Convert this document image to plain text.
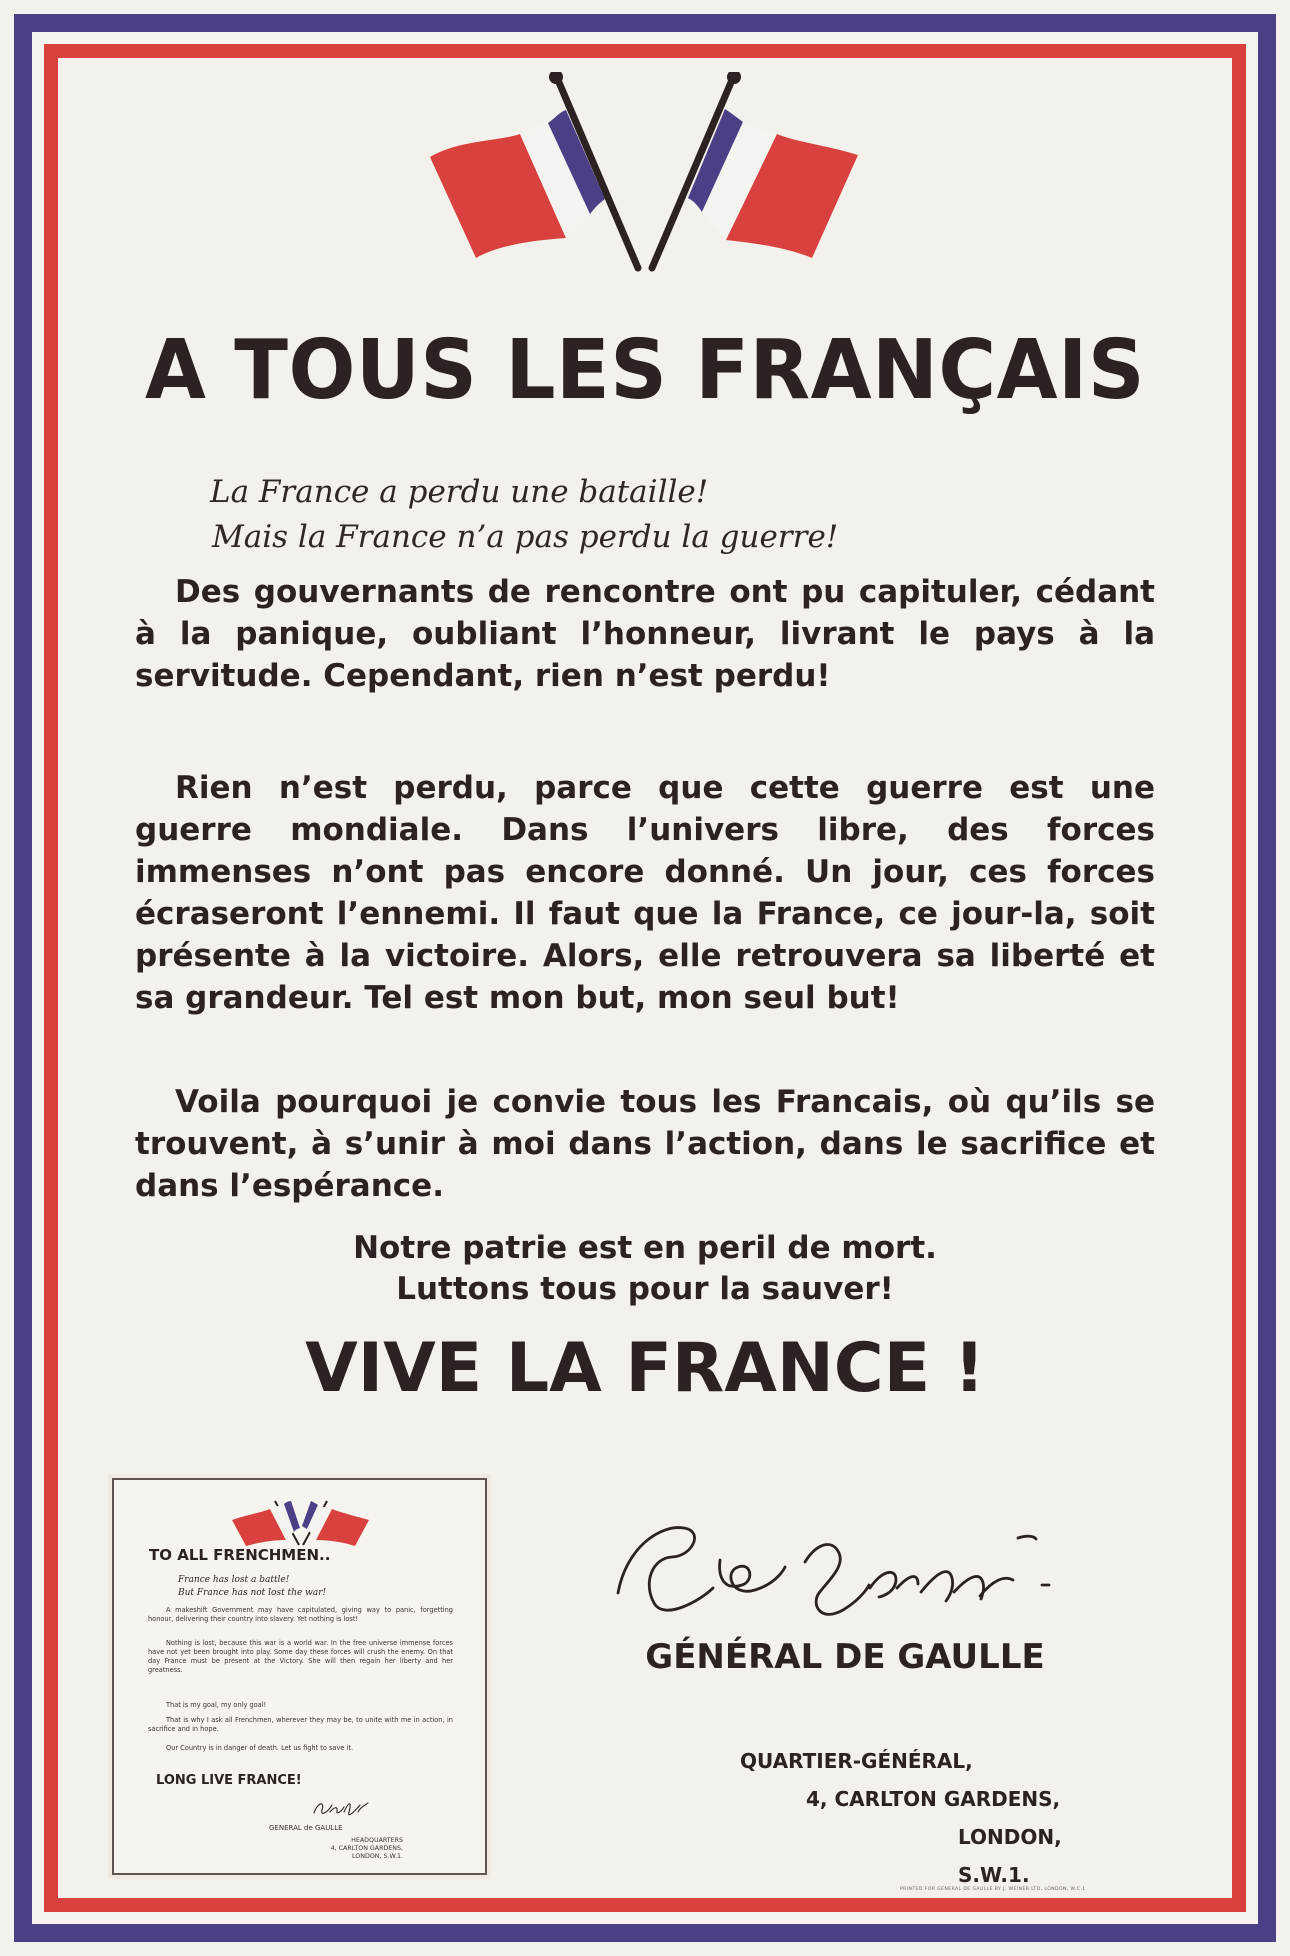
A TOUS LES FRANÇAIS
La France a perdu une bataille!
Mais la France n’a pas perdu la guerre!

Des gouvernants de rencontre ont pu capituler, cédant à la panique, oubliant l’honneur, livrant le pays à la servitude. Cependant, rien n’est perdu!

Rien n’est perdu, parce que cette guerre est une guerre mondiale. Dans l’univers libre, des forces immenses n’ont pas encore donné. Un jour, ces forces écraseront l’ennemi. Il faut que la France, ce jour-la, soit présente à la victoire. Alors, elle retrouvera sa liberté et sa grandeur. Tel est mon but, mon seul but!

Voila pourquoi je convie tous les Francais, où qu’ils se trouvent, à s’unir à moi dans l’action, dans le sacrifice et dans l’espérance.

Notre patrie est en peril de mort.
Luttons tous pour la sauver!
VIVE LA FRANCE !
TO ALL FRENCHMEN..
France has lost a battle!
But France has not lost the war!

A makeshift Government may have capitulated, giving way to panic, forgetting honour, delivering their country into slavery. Yet nothing is lost!

Nothing is lost, because this war is a world war. In the free universe immense forces have not yet been brought into play. Some day these forces will crush the enemy. On that day France must be present at the Victory. She will then regain her liberty and her greatness.

That is my goal, my only goal!

That is why I ask all Frenchmen, wherever they may be, to unite with me in action, in sacrifice and in hope.

Our Country is in danger of death. Let us fight to save it.

LONG LIVE FRANCE!
GENERAL de GAULLE
HEADQUARTERS
4, CARLTON GARDENS,
LONDON, S.W.1.
GÉNÉRAL DE GAULLE
QUARTIER-GÉNÉRAL,
4, CARLTON GARDENS,
LONDON, S.W.1.
PRINTED FOR GENERAL DE GAULLE BY J. WEINER LTD, LONDON, W.C.1
